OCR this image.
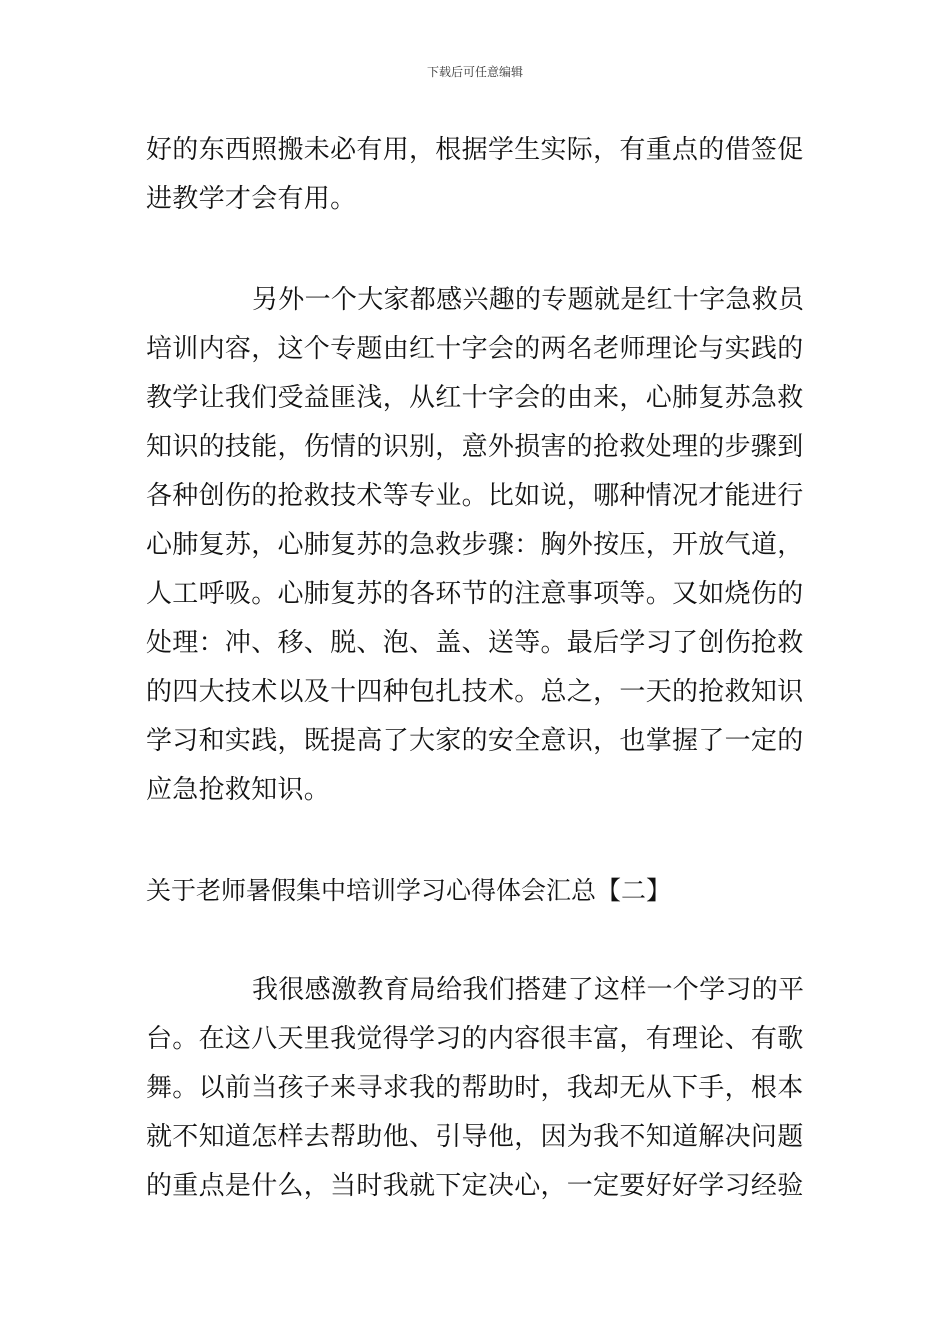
下载后可任意编辑
好的东西照搬未必有用，根据学生实际，有重点的借签促
进教学才会有用。
另外一个大家都感兴趣的专题就是红十字急救员
培训内容，这个专题由红十字会的两名老师理论与实践的
教学让我们受益匪浅，从红十字会的由来，心肺复苏急救
知识的技能，伤情的识别，意外损害的抢救处理的步骤到
各种创伤的抢救技术等专业。比如说，哪种情况才能进行
心肺复苏，心肺复苏的急救步骤：胸外按压，开放气道，
人工呼吸。心肺复苏的各环节的注意事项等。又如烧伤的
处理：冲、移、脱、泡、盖、送等。最后学习了创伤抢救
的四大技术以及十四种包扎技术。总之，一天的抢救知识
学习和实践，既提高了大家的安全意识，也掌握了一定的
应急抢救知识。
关于老师暑假集中培训学习心得体会汇总【二】
我很感激教育局给我们搭建了这样一个学习的平
台。在这八天里我觉得学习的内容很丰富，有理论、有歌
舞。以前当孩子来寻求我的帮助时，我却无从下手，根本
就不知道怎样去帮助他、引导他，因为我不知道解决问题
的重点是什么，当时我就下定决心，一定要好好学习经验
